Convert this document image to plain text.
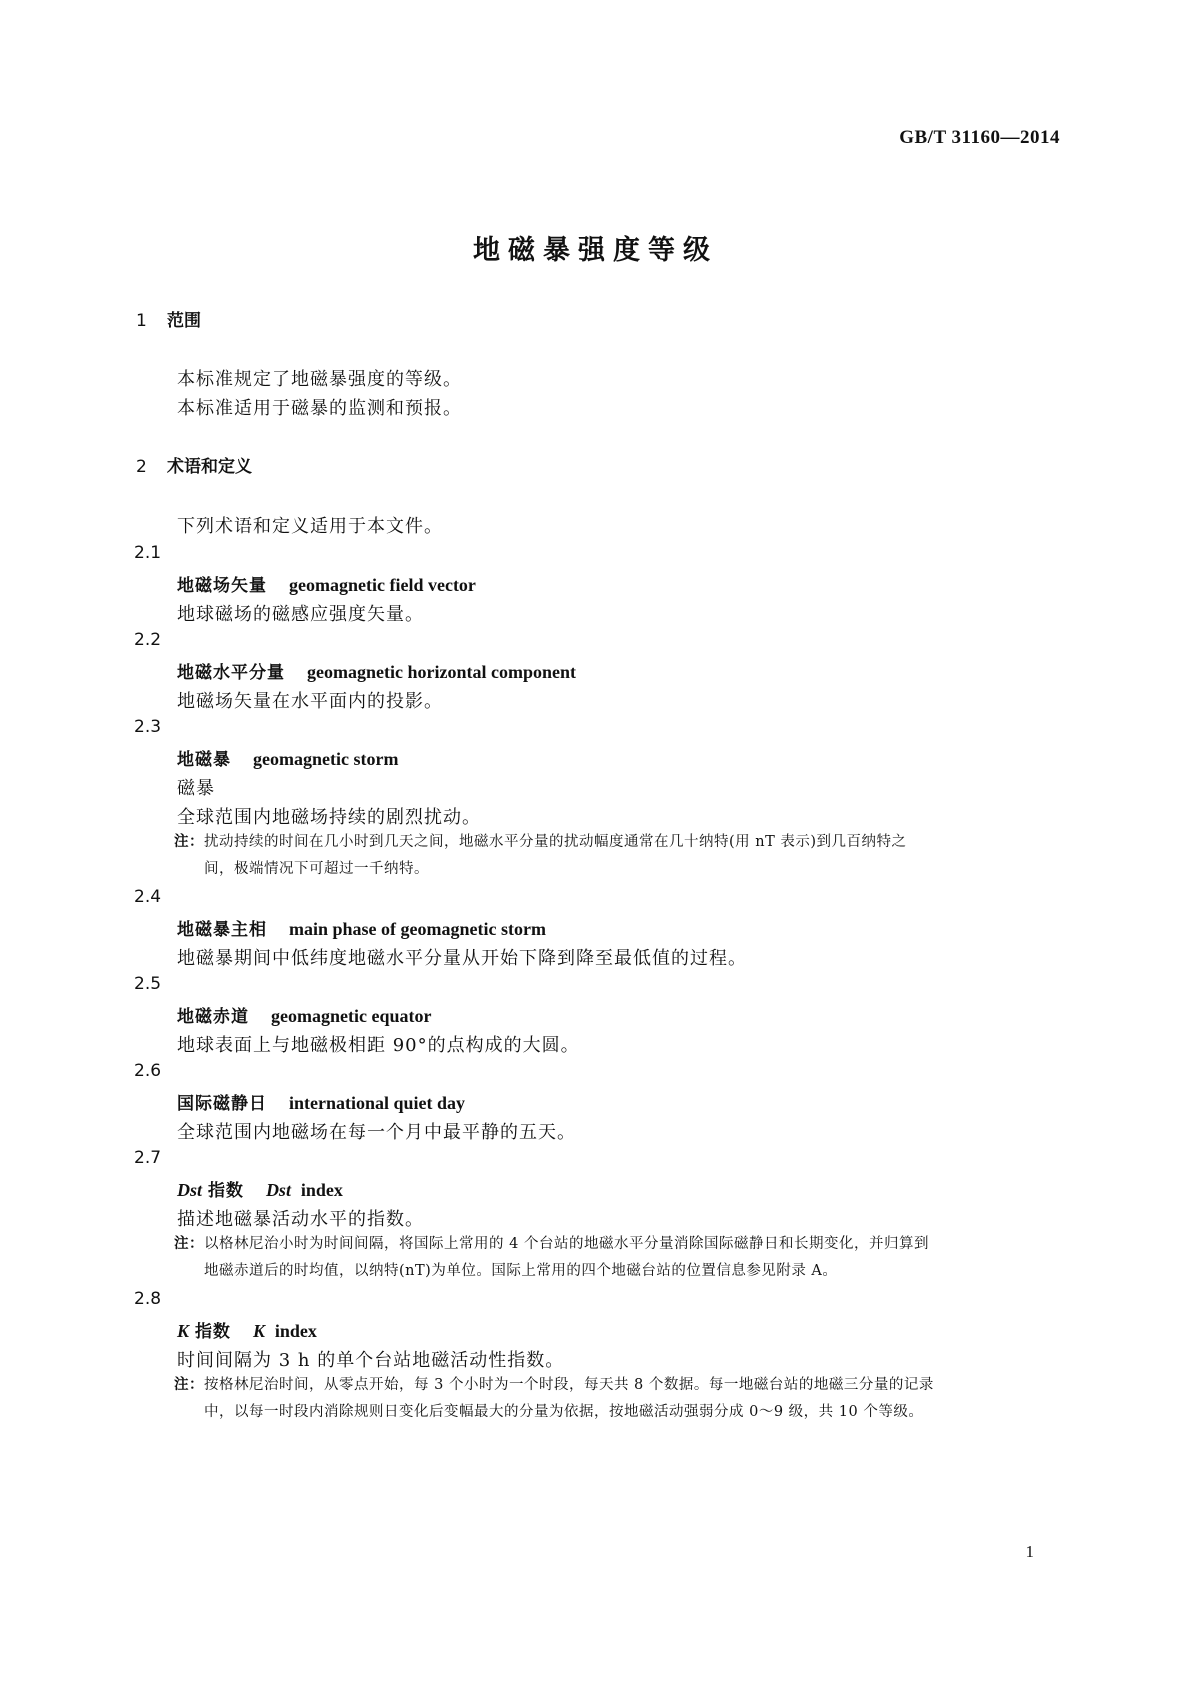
GB/T 31160—2014
地磁暴强度等级
1 范围
本标准规定了地磁暴强度的等级。
本标准适用于磁暴的监测和预报。
2 术语和定义
下列术语和定义适用于本文件。
2.1
地磁场矢量 geomagnetic field vector
地球磁场的磁感应强度矢量。
2.2
地磁水平分量 geomagnetic horizontal component
地磁场矢量在水平面内的投影。
2.3
地磁暴 geomagnetic storm
磁暴
全球范围内地磁场持续的剧烈扰动。
注：扰动持续的时间在几小时到几天之间，地磁水平分量的扰动幅度通常在几十纳特(用 nT 表示)到几百纳特之
间，极端情况下可超过一千纳特。
2.4
地磁暴主相 main phase of geomagnetic storm
地磁暴期间中低纬度地磁水平分量从开始下降到降至最低值的过程。
2.5
地磁赤道 geomagnetic equator
地球表面上与地磁极相距 90°的点构成的大圆。
2.6
国际磁静日 international quiet day
全球范围内地磁场在每一个月中最平静的五天。
2.7
Dst 指数 Dst index
描述地磁暴活动水平的指数。
注：以格林尼治小时为时间间隔，将国际上常用的 4 个台站的地磁水平分量消除国际磁静日和长期变化，并归算到
地磁赤道后的时均值，以纳特(nT)为单位。国际上常用的四个地磁台站的位置信息参见附录 A。
2.8
K 指数 K index
时间间隔为 3 h 的单个台站地磁活动性指数。
注：按格林尼治时间，从零点开始，每 3 个小时为一个时段，每天共 8 个数据。每一地磁台站的地磁三分量的记录
中，以每一时段内消除规则日变化后变幅最大的分量为依据，按地磁活动强弱分成 0～9 级，共 10 个等级。
1
